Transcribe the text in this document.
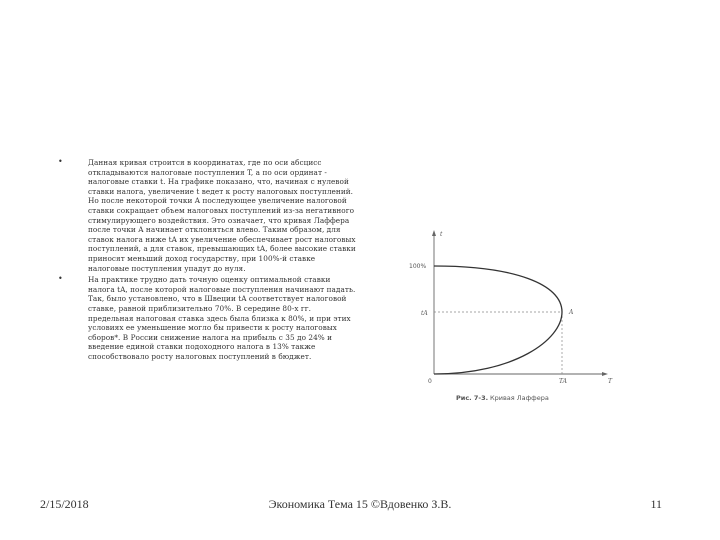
•	Данная кривая строится в координатах, где по оси абсцисс откладываются налоговые поступления T, а по оси ординат - налоговые ставки t. На графике показано, что, начиная с нулевой ставки налога, увеличение t ведет к росту налоговых поступлений. Но после некоторой точки A последующее увеличение налоговой ставки сокращает объем налоговых поступлений из-за негативного стимулирующего воздействия. Это означает, что кривая Лаффера после точки A начинает отклоняться влево. Таким образом, для ставок налога ниже tA их увеличение обеспечивает рост налоговых поступлений, а для ставок, превышающих tA, более высокие ставки приносят меньший доход государству, при 100%-й ставке налоговые поступления упадут до нуля.
•	На практике трудно дать точную оценку оптимальной ставки налога tA, после которой налоговые поступления начинают падать. Так, было установлено, что в Швеции tA соответствует налоговой ставке, равной приблизительно 70%. В середине 80-х гг. предельная налоговая ставка здесь была близка к 80%, и при этих условиях ее уменьшение могло бы привести к росту налоговых сборов*. В России снижение налога на прибыль с 35 до 24% и введение единой ставки подоходного налога в 13% также способствовало росту налоговых поступлений в бюджет.
t
100%
tA
0
A
TA	T
Рис. 7-3. Кривая Лаффера
2/15/2018	Экономика Тема 15 ©Вдовенко З.В.	11
